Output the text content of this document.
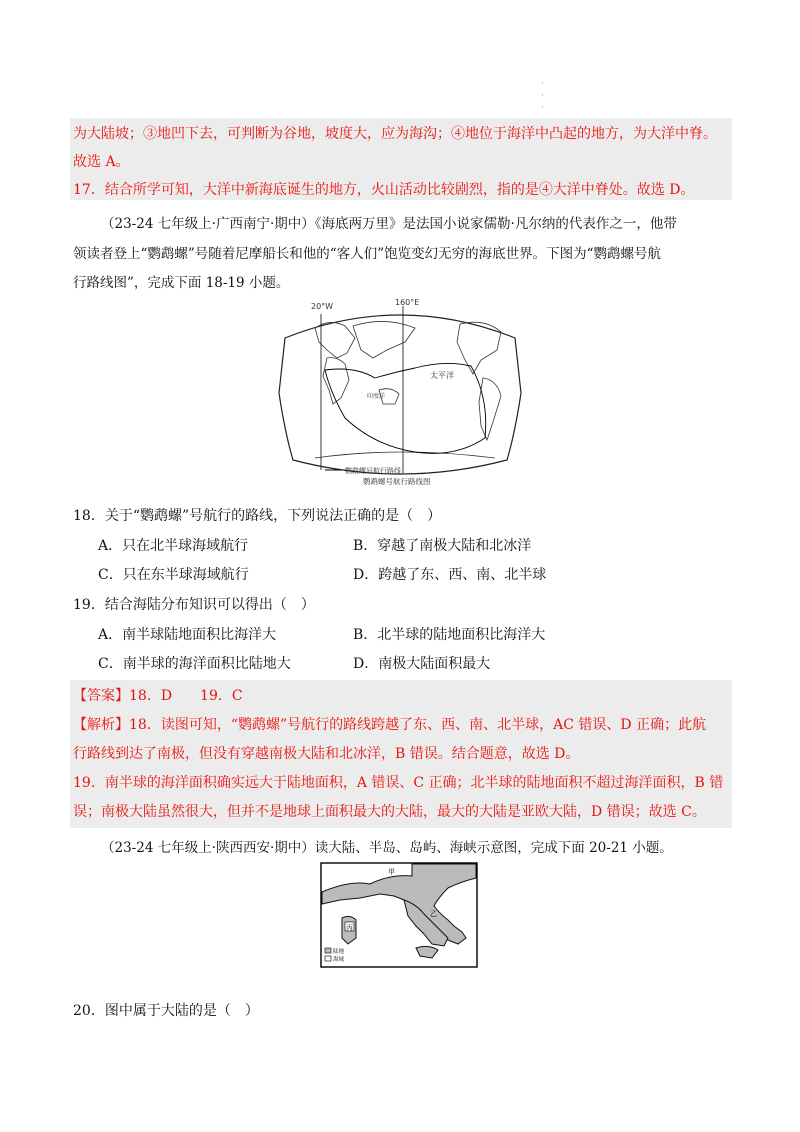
·
·
·
为大陆坡；③地凹下去，可判断为谷地，坡度大，应为海沟；④地位于海洋中凸起的地方，为大洋中脊。
故选 A。
17．结合所学可知，大洋中新海底诞生的地方，火山活动比较剧烈，指的是④大洋中脊处。故选 D。
（23-24 七年级上·广西南宁·期中）《海底两万里》是法国小说家儒勒·凡尔纳的代表作之一，他带
领读者登上“鹦鹉螺”号随着尼摩船长和他的“客人们”饱览变幻无穷的海底世界。下图为“鹦鹉螺号航
行路线图”，完成下面 18-19 小题。
20°W	160°E
太平洋
印度洋
鹦鹉螺号航行路线
鹦鹉螺号航行路线图
18．关于“鹦鹉螺”号航行的路线，下列说法正确的是（　）
A．只在北半球海域航行	B．穿越了南极大陆和北冰洋
C．只在东半球海域航行	D．跨越了东、西、南、北半球
19．结合海陆分布知识可以得出（　）
A．南半球陆地面积比海洋大	B．北半球的陆地面积比海洋大
C．南半球的海洋面积比陆地大	D．南极大陆面积最大
【答案】18．D　　19．C
【解析】18．读图可知，“鹦鹉螺”号航行的路线跨越了东、西、南、北半球，AC 错误、D 正确；此航
行路线到达了南极，但没有穿越南极大陆和北冰洋，B 错误。结合题意，故选 D。
19．南半球的海洋面积确实远大于陆地面积，A 错误、C 正确；北半球的陆地面积不超过海洋面积，B 错
误；南极大陆虽然很大，但并不是地球上面积最大的大陆，最大的大陆是亚欧大陆，D 错误；故选 C。
（23-24 七年级上·陕西西安·期中）读大陆、半岛、岛屿、海峡示意图，完成下面 20-21 小题。
甲
乙
丙
陆地
海域
20．图中属于大陆的是（　）
